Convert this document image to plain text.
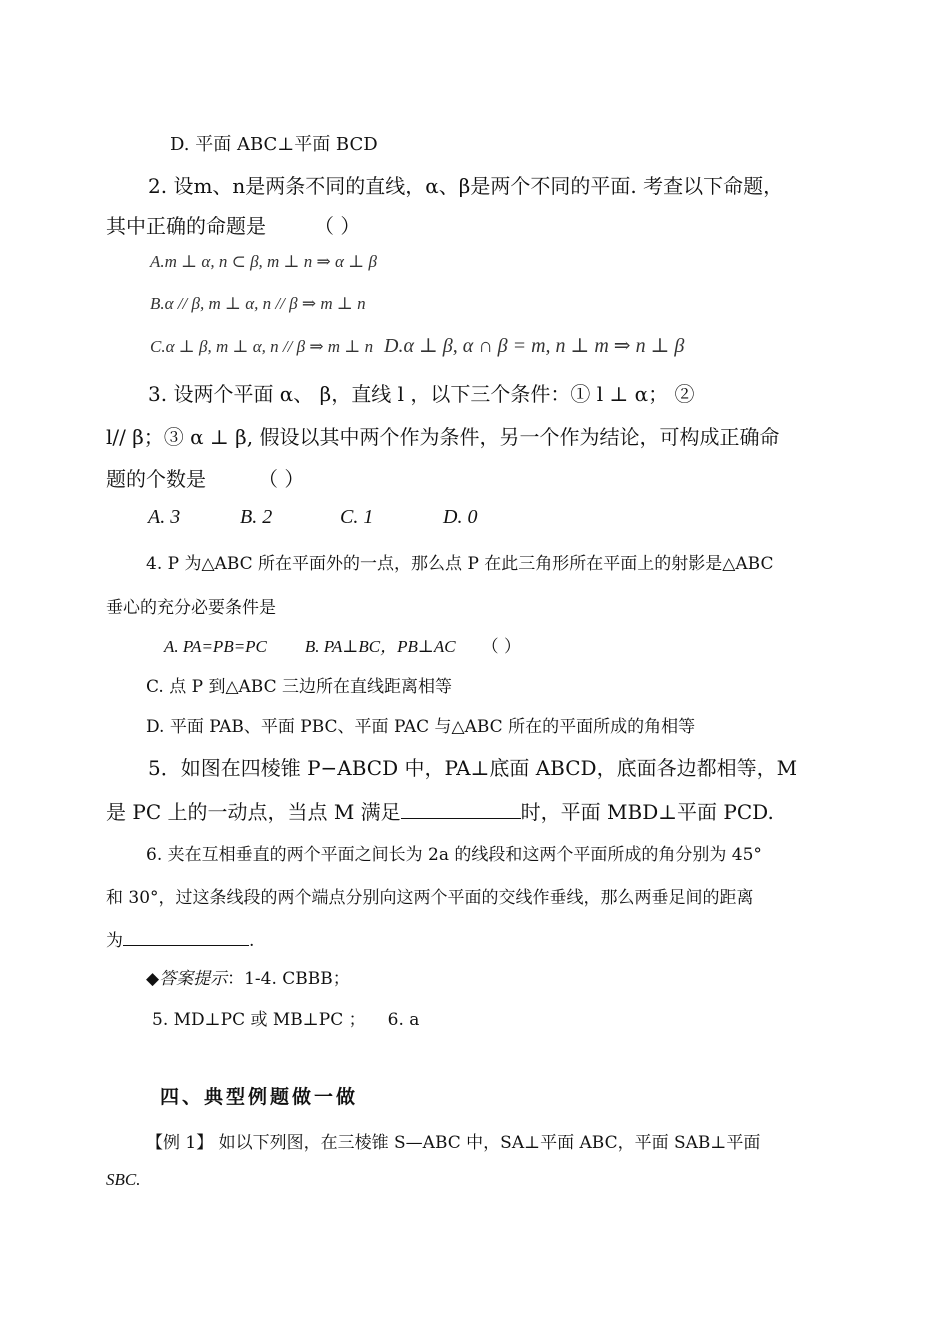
D. 平面 ABC⊥平面 BCD
2. 设m、n是两条不同的直线，α、β是两个不同的平面. 考查以下命题，
其中正确的命题是 （ ）
A.m ⊥ α, n ⊂ β, m ⊥ n ⇒ α ⊥ β
B.α // β, m ⊥ α, n // β ⇒ m ⊥ n
C.α ⊥ β, m ⊥ α, n // β ⇒ m ⊥ n D.α ⊥ β, α ∩ β = m, n ⊥ m ⇒ n ⊥ β
3. 设两个平面 α、 β，直线 l ，以下三个条件：① l ⊥ α； ②
l// β；③ α ⊥ β, 假设以其中两个作为条件，另一个作为结论，可构成正确命
题的个数是	（ ）
A. 3	B. 2	C. 1	D. 0
4. P 为△ABC 所在平面外的一点，那么点 P 在此三角形所在平面上的射影是△ABC
垂心的充分必要条件是
A. PA=PB=PC B. PA⊥BC，PB⊥AC （ ）
C. 点 P 到△ABC 三边所在直线距离相等
D. 平面 PAB、平面 PBC、平面 PAC 与△ABC 所在的平面所成的角相等
5．如图在四棱锥 P−ABCD 中，PA⊥底面 ABCD，底面各边都相等，M
是 PC 上的一动点，当点 M 满足	时，平面 MBD⊥平面 PCD.
6. 夹在互相垂直的两个平面之间长为 2a 的线段和这两个平面所成的角分别为 45°
和 30°，过这条线段的两个端点分别向这两个平面的交线作垂线，那么两垂足间的距离
为	.
◆答案提示：1-4. CBBB；
5. MD⊥PC 或 MB⊥PC ； 6. a
四、典型例题做一做
【例 1】 如以下列图，在三棱锥 S—ABC 中，SA⊥平面 ABC，平面 SAB⊥平面
SBC.
